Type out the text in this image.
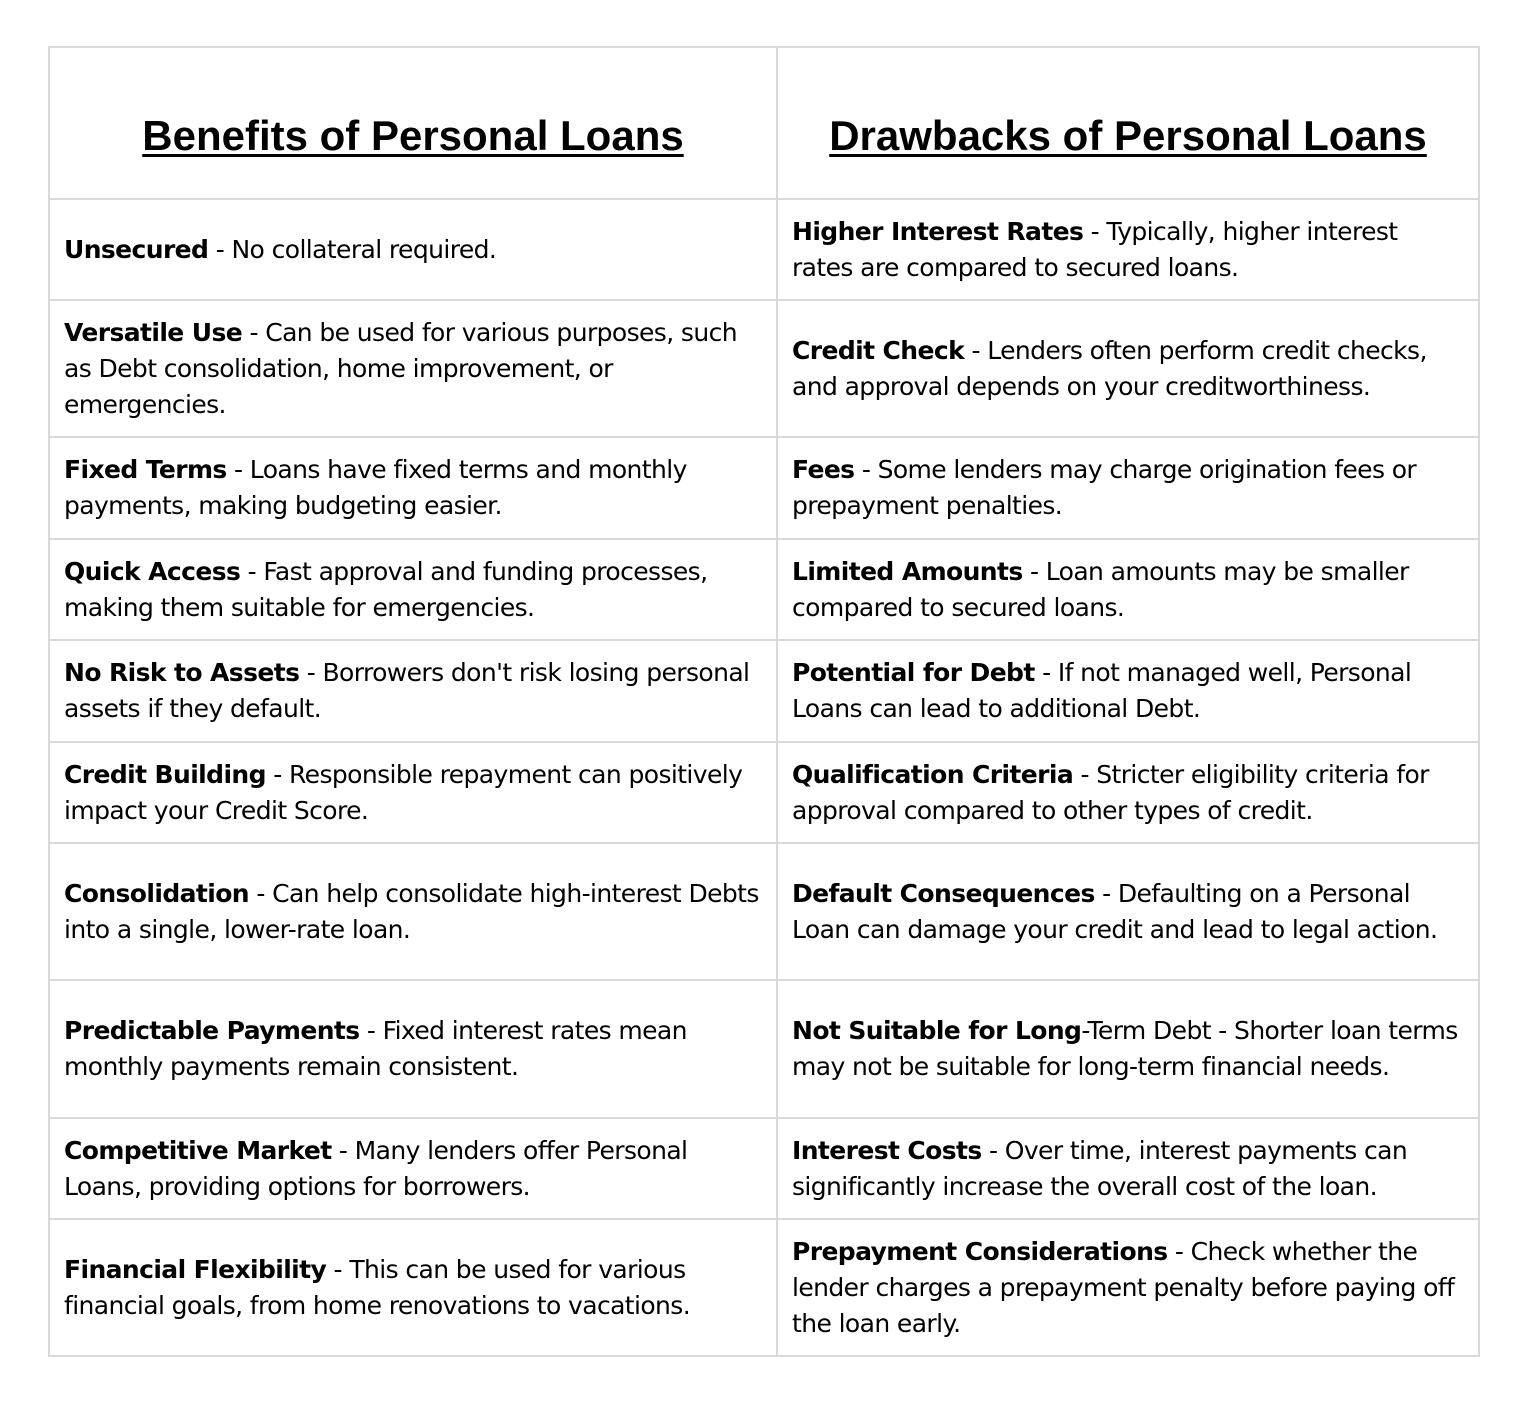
Benefits of Personal Loans	Drawbacks of Personal Loans
Unsecured - No collateral required.	Higher Interest Rates - Typically, higher interest rates are compared to secured loans.
Versatile Use - Can be used for various purposes, such as Debt consolidation, home improvement, or emergencies.	Credit Check - Lenders often perform credit checks, and approval depends on your creditworthiness.
Fixed Terms - Loans have fixed terms and monthly payments, making budgeting easier.	Fees - Some lenders may charge origination fees or prepayment penalties.
Quick Access - Fast approval and funding processes, making them suitable for emergencies.	Limited Amounts - Loan amounts may be smaller compared to secured loans.
No Risk to Assets - Borrowers don't risk losing personal assets if they default.	Potential for Debt - If not managed well, Personal Loans can lead to additional Debt.
Credit Building - Responsible repayment can positively impact your Credit Score.	Qualification Criteria - Stricter eligibility criteria for approval compared to other types of credit.
Consolidation - Can help consolidate high-interest Debts into a single, lower-rate loan.	Default Consequences - Defaulting on a Personal Loan can damage your credit and lead to legal action.
Predictable Payments - Fixed interest rates mean monthly payments remain consistent.	Not Suitable for Long-Term Debt - Shorter loan terms may not be suitable for long-term financial needs.
Competitive Market - Many lenders offer Personal Loans, providing options for borrowers.	Interest Costs - Over time, interest payments can significantly increase the overall cost of the loan.
Financial Flexibility - This can be used for various financial goals, from home renovations to vacations.	Prepayment Considerations - Check whether the lender charges a prepayment penalty before paying off the loan early.
